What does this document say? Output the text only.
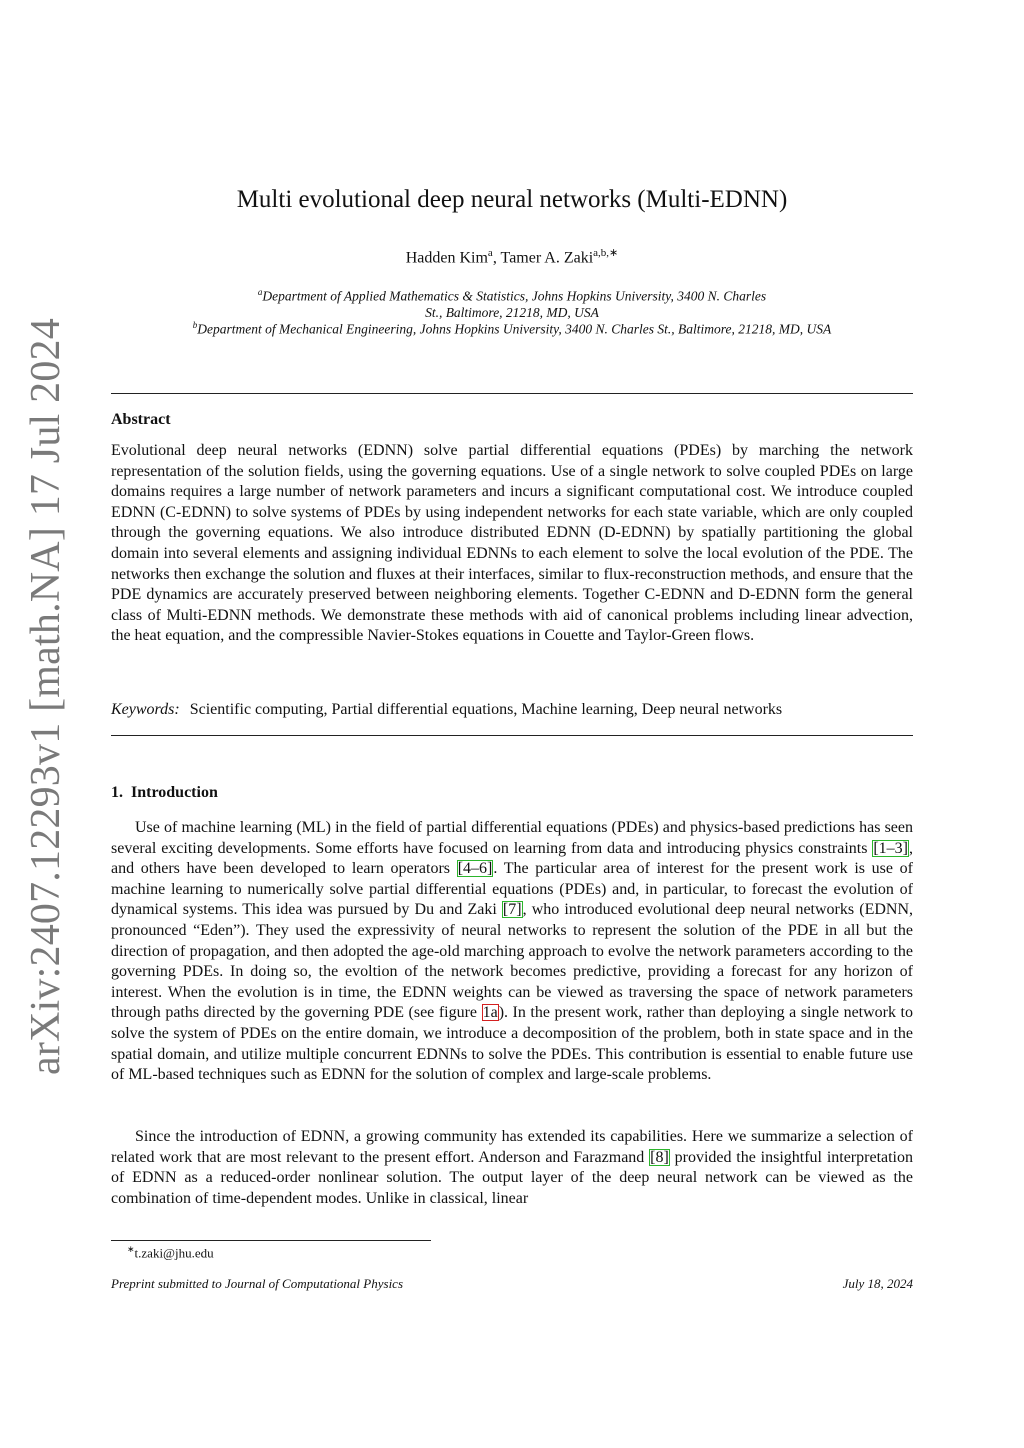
arXiv:2407.12293v1 [math.NA] 17 Jul 2024
Multi evolutional deep neural networks (Multi-EDNN)
Hadden Kim$^a$, Tamer A. Zaki$^{a,b,∗}$
$^a$Department of Applied Mathematics & Statistics, Johns Hopkins University, 3400 N. Charles
St., Baltimore, 21218, MD, USA
$^b$Department of Mechanical Engineering, Johns Hopkins University, 3400 N. Charles St., Baltimore, 21218, MD, USA
Abstract
Evolutional deep neural networks (EDNN) solve partial differential equations (PDEs) by marching the network representation of the solution fields, using the governing equations. Use of a single network to solve coupled PDEs on large domains requires a large number of network parameters and incurs a significant computational cost. We introduce coupled EDNN (C-EDNN) to solve systems of PDEs by using independent networks for each state variable, which are only coupled through the governing equations. We also introduce distributed EDNN (D-EDNN) by spatially partitioning the global domain into several elements and assigning individual EDNNs to each element to solve the local evolution of the PDE. The networks then exchange the solution and fluxes at their interfaces, similar to flux-reconstruction methods, and ensure that the PDE dynamics are accurately preserved between neighboring elements. Together C-EDNN and D-EDNN form the general class of Multi-EDNN methods. We demonstrate these methods with aid of canonical problems including linear advection, the heat equation, and the compressible Navier-Stokes equations in Couette and Taylor-Green flows.
Keywords: Scientific computing, Partial differential equations, Machine learning, Deep neural networks
1. Introduction
Use of machine learning (ML) in the field of partial differential equations (PDEs) and physics-based predictions has seen several exciting developments. Some efforts have focused on learning from data and introducing physics constraints [1–3], and others have been developed to learn operators [4–6]. The particular area of interest for the present work is use of machine learning to numerically solve partial differential equations (PDEs) and, in particular, to forecast the evolution of dynamical systems. This idea was pursued by Du and Zaki [7], who introduced evolutional deep neural networks (EDNN, pronounced “Eden”). They used the expressivity of neural networks to represent the solution of the PDE in all but the direction of propagation, and then adopted the age-old marching approach to evolve the network parameters according to the governing PDEs. In doing so, the evoltion of the network becomes predictive, providing a forecast for any horizon of interest. When the evolution is in time, the EDNN weights can be viewed as traversing the space of network parameters through paths directed by the governing PDE (see figure 1a). In the present work, rather than deploying a single network to solve the system of PDEs on the entire domain, we introduce a decomposition of the problem, both in state space and in the spatial domain, and utilize multiple concurrent EDNNs to solve the PDEs. This contribution is essential to enable future use of ML-based techniques such as EDNN for the solution of complex and large-scale problems.
Since the introduction of EDNN, a growing community has extended its capabilities. Here we summarize a selection of related work that are most relevant to the present effort. Anderson and Farazmand [8] provided the insightful interpretation of EDNN as a reduced-order nonlinear solution. The output layer of the deep neural network can be viewed as the combination of time-dependent modes. Unlike in classical, linear
∗t.zaki@jhu.edu
Preprint submitted to Journal of Computational Physics	July 18, 2024
